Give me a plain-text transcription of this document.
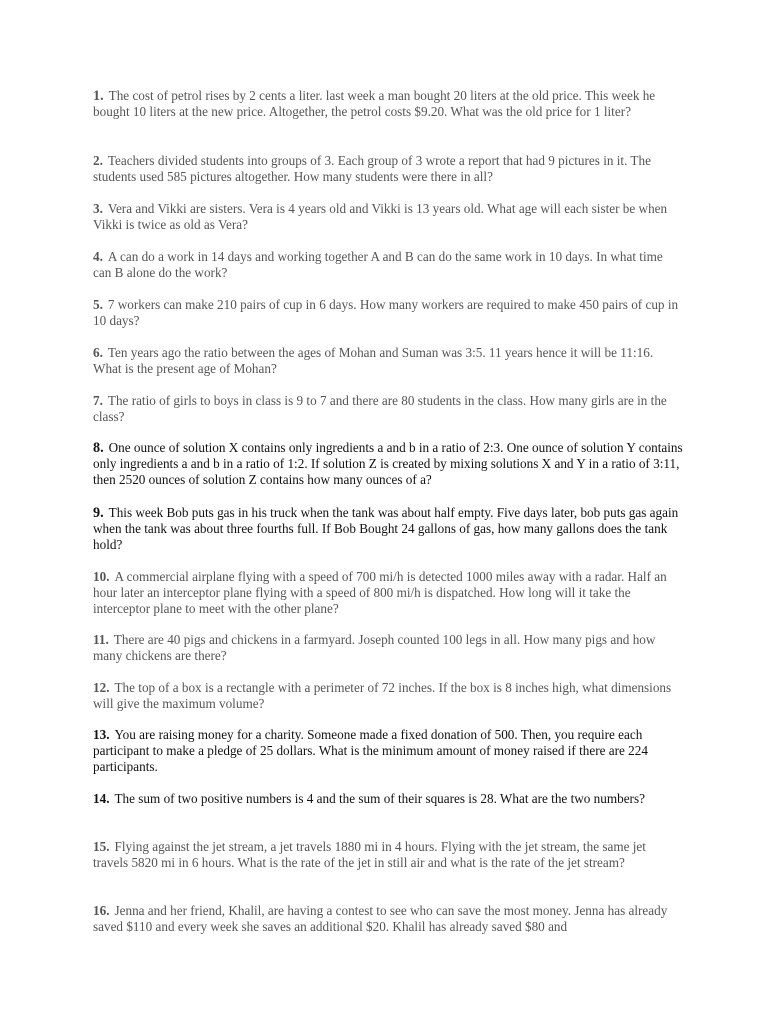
1. The cost of petrol rises by 2 cents a liter. last week a man bought 20 liters at the old price. This week he bought 10 liters at the new price. Altogether, the petrol costs $9.20. What was the old price for 1 liter?

2. Teachers divided students into groups of 3. Each group of 3 wrote a report that had 9 pictures in it. The students used 585 pictures altogether. How many students were there in all?

3. Vera and Vikki are sisters. Vera is 4 years old and Vikki is 13 years old. What age will each sister be when Vikki is twice as old as Vera?

4. A can do a work in 14 days and working together A and B can do the same work in 10 days. In what time can B alone do the work?

5. 7 workers can make 210 pairs of cup in 6 days. How many workers are required to make 450 pairs of cup in 10 days?

6. Ten years ago the ratio between the ages of Mohan and Suman was 3:5. 11 years hence it will be 11:16. What is the present age of Mohan?

7. The ratio of girls to boys in class is 9 to 7 and there are 80 students in the class. How many girls are in the class?

8. One ounce of solution X contains only ingredients a and b in a ratio of 2:3. One ounce of solution Y contains only ingredients a and b in a ratio of 1:2. If solution Z is created by mixing solutions X and Y in a ratio of 3:11, then 2520 ounces of solution Z contains how many ounces of a?

9. This week Bob puts gas in his truck when the tank was about half empty. Five days later, bob puts gas again when the tank was about three fourths full. If Bob Bought 24 gallons of gas, how many gallons does the tank hold?

10. A commercial airplane flying with a speed of 700 mi/h is detected 1000 miles away with a radar. Half an hour later an interceptor plane flying with a speed of 800 mi/h is dispatched. How long will it take the interceptor plane to meet with the other plane?

11. There are 40 pigs and chickens in a farmyard. Joseph counted 100 legs in all. How many pigs and how many chickens are there?

12. The top of a box is a rectangle with a perimeter of 72 inches. If the box is 8 inches high, what dimensions will give the maximum volume?

13. You are raising money for a charity. Someone made a fixed donation of 500. Then, you require each participant to make a pledge of 25 dollars. What is the minimum amount of money raised if there are 224 participants.

14. The sum of two positive numbers is 4 and the sum of their squares is 28. What are the two numbers?

15. Flying against the jet stream, a jet travels 1880 mi in 4 hours. Flying with the jet stream, the same jet travels 5820 mi in 6 hours. What is the rate of the jet in still air and what is the rate of the jet stream?

16. Jenna and her friend, Khalil, are having a contest to see who can save the most money. Jenna has already saved $110 and every week she saves an additional $20. Khalil has already saved $80 and
